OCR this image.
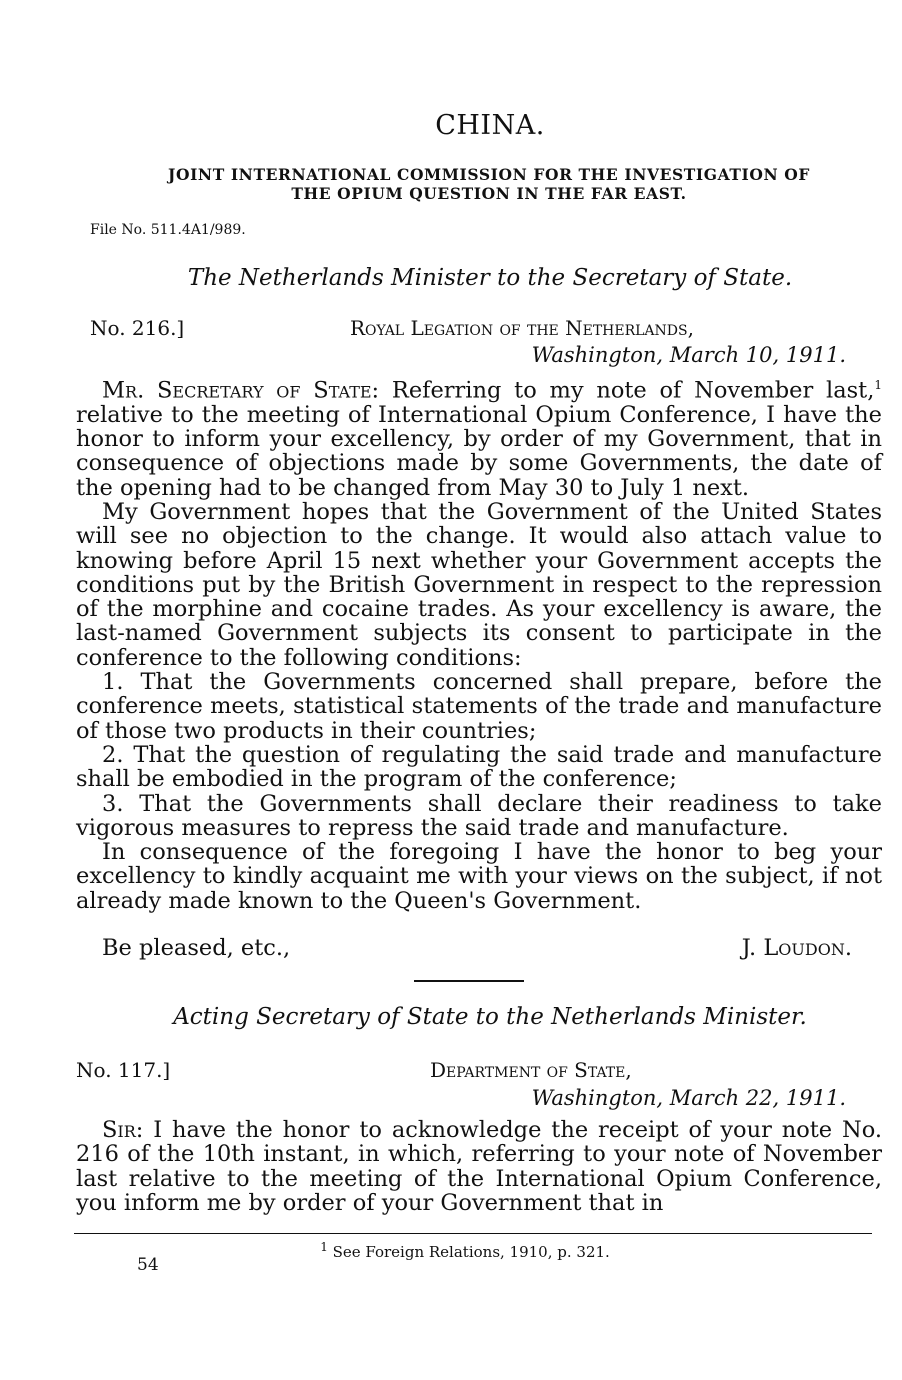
CHINA.
JOINT INTERNATIONAL COMMISSION FOR THE INVESTIGATION OF
THE OPIUM QUESTION IN THE FAR EAST.
File No. 511.4A1/989.
The Netherlands Minister to the Secretary of State.
No. 216.]	Royal Legation of the Netherlands,
Washington, March 10, 1911.

Mr. Secretary of State: Referring to my note of November last,$^1$ relative to the meeting of International Opium Conference, I have the honor to inform your excellency, by order of my Government, that in consequence of objections made by some Governments, the date of the opening had to be changed from May 30 to July 1 next.

My Government hopes that the Government of the United States will see no objection to the change. It would also attach value to knowing before April 15 next whether your Government accepts the conditions put by the British Government in respect to the repression of the morphine and cocaine trades. As your excellency is aware, the last-named Government subjects its consent to participate in the conference to the following conditions:

1. That the Governments concerned shall prepare, before the conference meets, statistical statements of the trade and manufacture of those two products in their countries;

2. That the question of regulating the said trade and manufacture shall be embodied in the program of the conference;

3. That the Governments shall declare their readiness to take vigorous measures to repress the said trade and manufacture.

In consequence of the foregoing I have the honor to beg your excellency to kindly acquaint me with your views on the subject, if not already made known to the Queen's Government.

Be pleased, etc.,	J. Loudon.
Acting Secretary of State to the Netherlands Minister.
No. 117.]	Department of State,
Washington, March 22, 1911.

Sir: I have the honor to acknowledge the receipt of your note No. 216 of the 10th instant, in which, referring to your note of November last relative to the meeting of the International Opium Conference, you inform me by order of your Government that in

$^1$ See Foreign Relations, 1910, p. 321.
54
